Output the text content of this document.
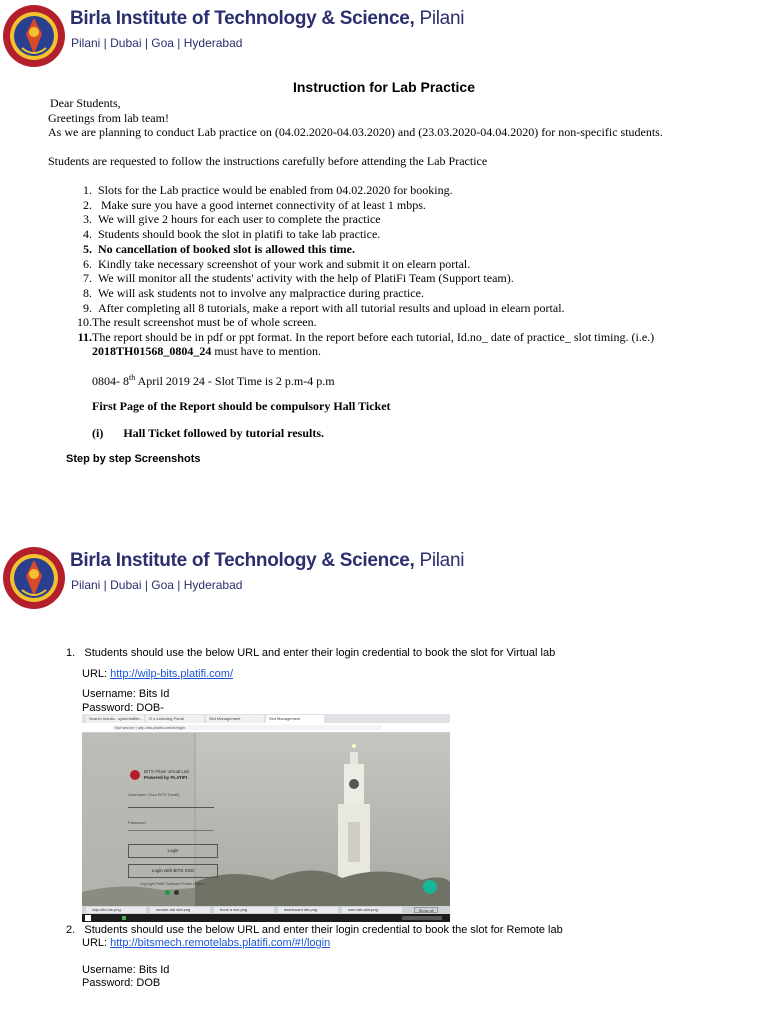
Birla Institute of Technology & Science, Pilani
Pilani | Dubai | Goa | Hyderabad
Instruction for Lab Practice
Dear Students,
Greetings from lab team!
As we are planning to conduct Lab practice on (04.02.2020-04.03.2020) and (23.03.2020-04.04.2020) for non-specific students.
Students are requested to follow the instructions carefully before attending the Lab Practice
1. Slots for the Lab practice would be enabled from 04.02.2020 for booking.
2.   Make sure you have a good internet connectivity of at least 1 mbps.
3. We will give 2 hours for each user to complete the practice
4. Students should book the slot in platifi to take lab practice.
5. No cancellation of booked slot is allowed this time.
6. Kindly take necessary screenshot of your work and submit it on elearn portal.
7. We will monitor all the students' activity with the help of PlatiFi Team (Support team).
8. We will ask students not to involve any malpractice during practice.
9. After completing all 8 tutorials, make a report with all tutorial results and upload in elearn portal.
10.The result screenshot must be of whole screen.
11.The report should be in pdf or ppt format. In the report before each tutorial, Id.no_ date of practice_ slot timing. (i.e.)
2018TH01568_0804_24 must have to mention.
0804- 8th April 2019 24 - Slot Time is 2 p.m-4 p.m
First Page of the Report should be compulsory Hall Ticket
(i) Hall Ticket followed by tutorial results.
Step by step Screenshots
Birla Institute of Technology & Science, Pilani
Pilani | Dubai | Goa | Hyderabad
1. Students should use the below URL and enter their login credential to book the slot for Virtual lab
URL: http://wilp-bits.platifi.com/
Username: Bits Id
Password: DOB-
Search results - systemsBits...	G e-Learning Portal	Slot Management	Slot Management
Not secure | wilp-bits.platifi.com/#!/login
BITS Pilani Virtual Lab
Powered by PLATIFI
Username (Your BITS Email)
Password
Login
Login with BITS SSO
Copyright PlatiFi Software Private Limited
wilp-bits lab.png	remote-lab slot.png	book a slot.png	dashboard lab.png	user-lab-slot.png	Show all
2. Students should use the below URL and enter their login credential to book the slot for Remote lab
URL: http://bitsmech.remotelabs.platifi.com/#!/login
Username: Bits Id
Password: DOB
